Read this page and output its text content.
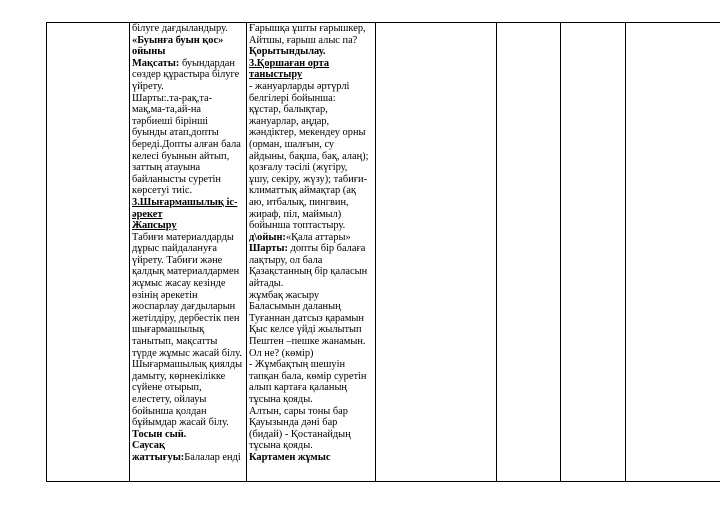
білуге дағдыландыру.
«Буынға буын қос»
ойыны
Мақсаты: буындардан
сөздер құрастыра білуге
үйрету.
Шарты:.та-рақ,та-
мақ,ма-та,ай-на
тәрбиеші бірінші
буынды атап,допты
береді.Допты алған бала
келесі буынын айтып,
заттың атауына
байланысты суретін
көрсетуі тиіс.
3.Шығармашылық іс-
әрекет
Жапсыру
Табиғи материалдарды
дұрыс пайдалануға
үйрету. Табиғи және
қалдық материалдармен
жұмыс жасау кезінде
өзінің әрекетін
жоспарлау дағдыларын
жетілдіру, дербестік пен
шығармашылық
танытып, мақсатты
түрде жұмыс жасай білу.
Шығармашылық қиялды
дамыту, көрнекілікке
сүйене отырып,
елестету, ойлауы
бойынша қолдан
бұйымдар жасай білу.
Тосын сый.
Саусақ
жаттығуы:Балалар енді

Ғарышқа ұшты ғарышкер,
Айтшы, ғарыш алыс па?
Қорытындылау.
3.Қоршаған орта
таныстыру
- жануарларды әртүрлі
белгілері бойынша:
құстар, балықтар,
жануарлар, аңдар,
жәндіктер, мекендеу орны
(орман, шалғын, су
айдыны, бақша, бақ, алаң);
қозғалу тәсілі (жүгіру,
ұшу, секіру, жүзу); табиғи-
климаттық аймақтар (ақ
аю, итбалық, пингвин,
жираф, піл, маймыл)
бойынша топтастыру.
д\ойын:«Қала аттары»
Шарты: допты бір балаға
лақтыру, ол бала
Қазақстанның бір қаласын
айтады.
жұмбақ жасыру
Баласымын даланың
Туғаннан датсыз қарамын
Қыс келсе үйді жылытып
Пештен –пешке жанамын.
Ол не? (көмір)
- Жұмбақтың шешуін
тапқан бала, көмір суретін
алып картаға қаланың
тұсына қояды.
Алтын, сары тоны бар
Қауызында дәні бар
(бидай) - Қостанайдың
тұсына қояды.
Картамен жұмыс
